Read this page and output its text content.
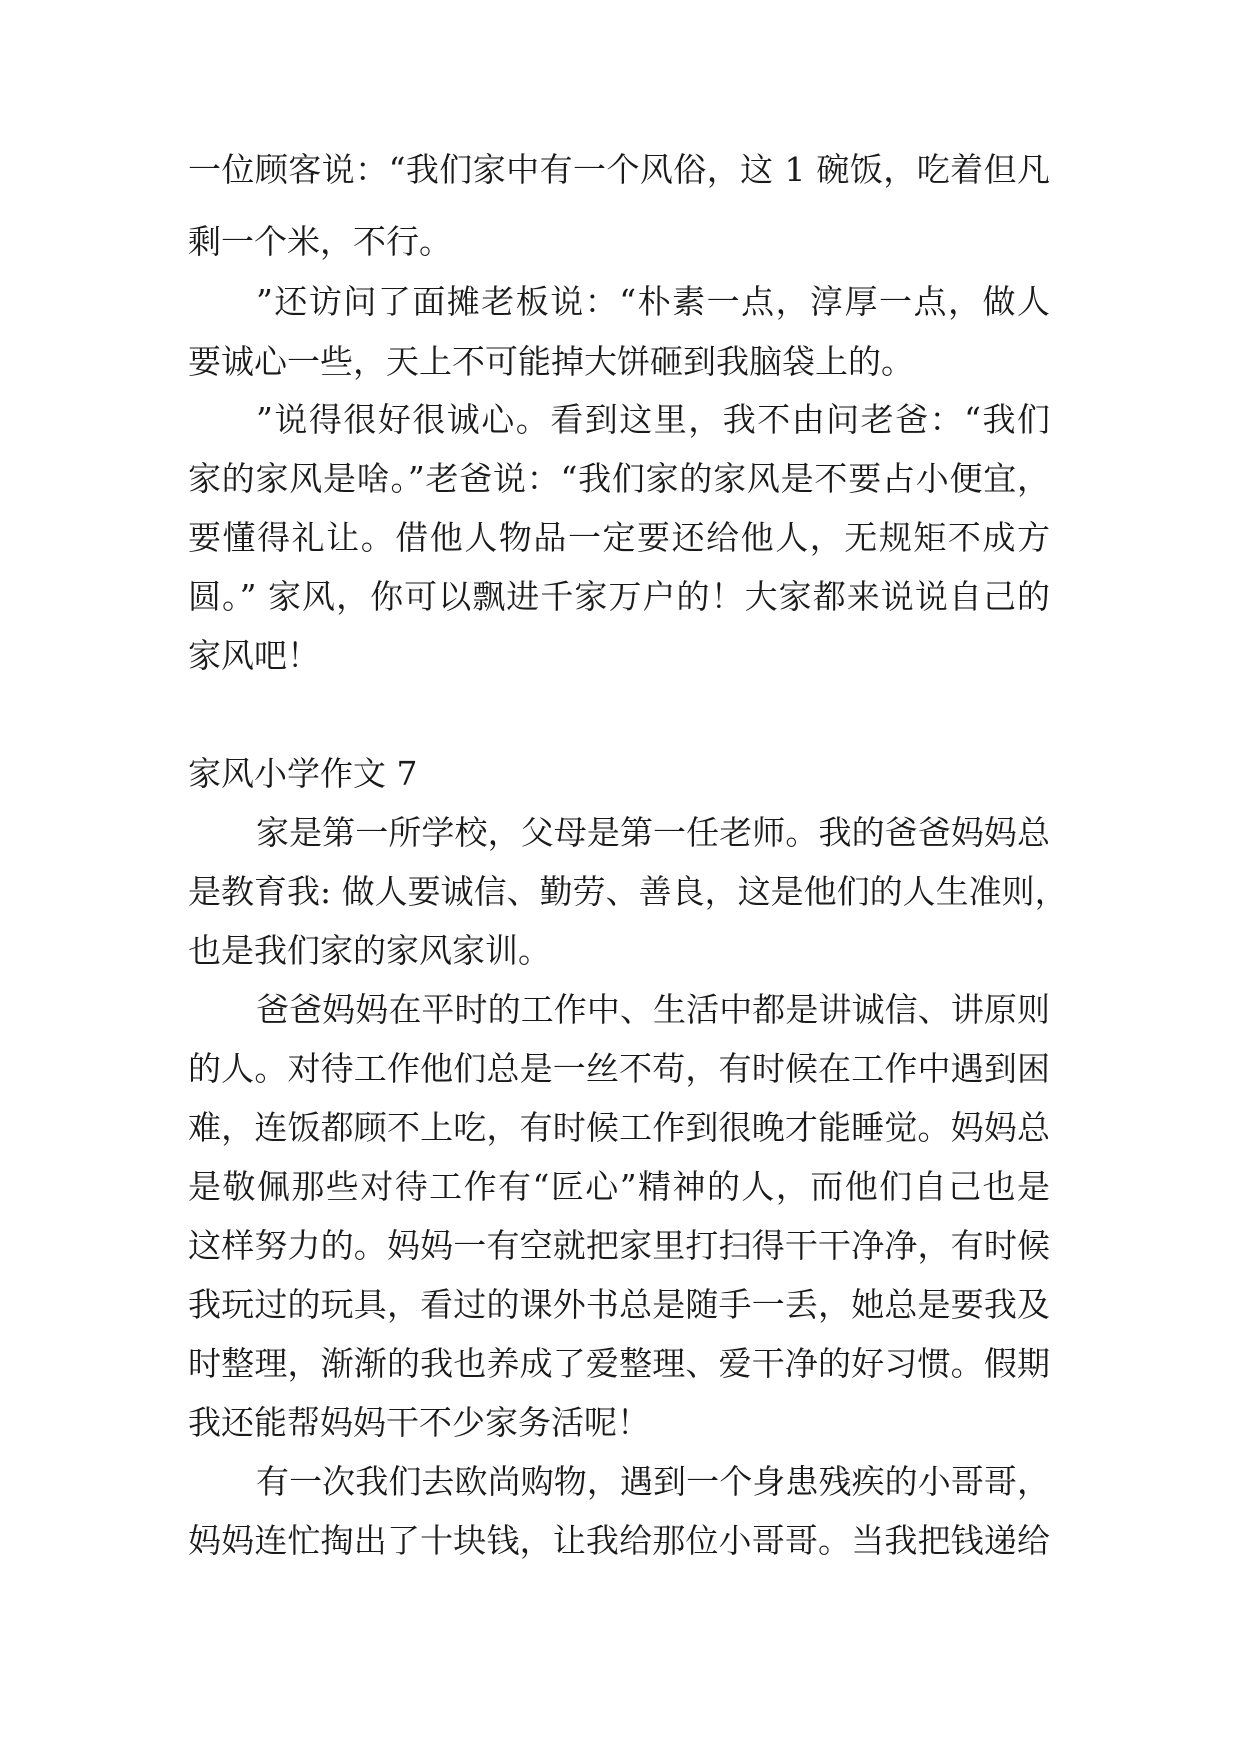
一位顾客说：“我们家中有一个风俗，这 1 碗饭，吃着但凡
剩一个米，不行。
”还访问了面摊老板说：“朴素一点，淳厚一点，做人
要诚心一些，天上不可能掉大饼砸到我脑袋上的。
”说得很好很诚心。看到这里，我不由问老爸：“我们
家的家风是啥。”老爸说：“我们家的家风是不要占小便宜，
要懂得礼让。借他人物品一定要还给他人，无规矩不成方
圆。” 家风，你可以飘进千家万户的！大家都来说说自己的
家风吧！
家风小学作文 7
家是第一所学校，父母是第一任老师。我的爸爸妈妈总
是教育我: 做人要诚信、勤劳、善良，这是他们的人生准则，
也是我们家的家风家训。
爸爸妈妈在平时的工作中、生活中都是讲诚信、讲原则
的人。对待工作他们总是一丝不苟，有时候在工作中遇到困
难，连饭都顾不上吃，有时候工作到很晚才能睡觉。妈妈总
是敬佩那些对待工作有“匠心”精神的人，而他们自己也是
这样努力的。妈妈一有空就把家里打扫得干干净净，有时候
我玩过的玩具，看过的课外书总是随手一丢，她总是要我及
时整理，渐渐的我也养成了爱整理、爱干净的好习惯。假期
我还能帮妈妈干不少家务活呢！
有一次我们去欧尚购物，遇到一个身患残疾的小哥哥，
妈妈连忙掏出了十块钱，让我给那位小哥哥。当我把钱递给
